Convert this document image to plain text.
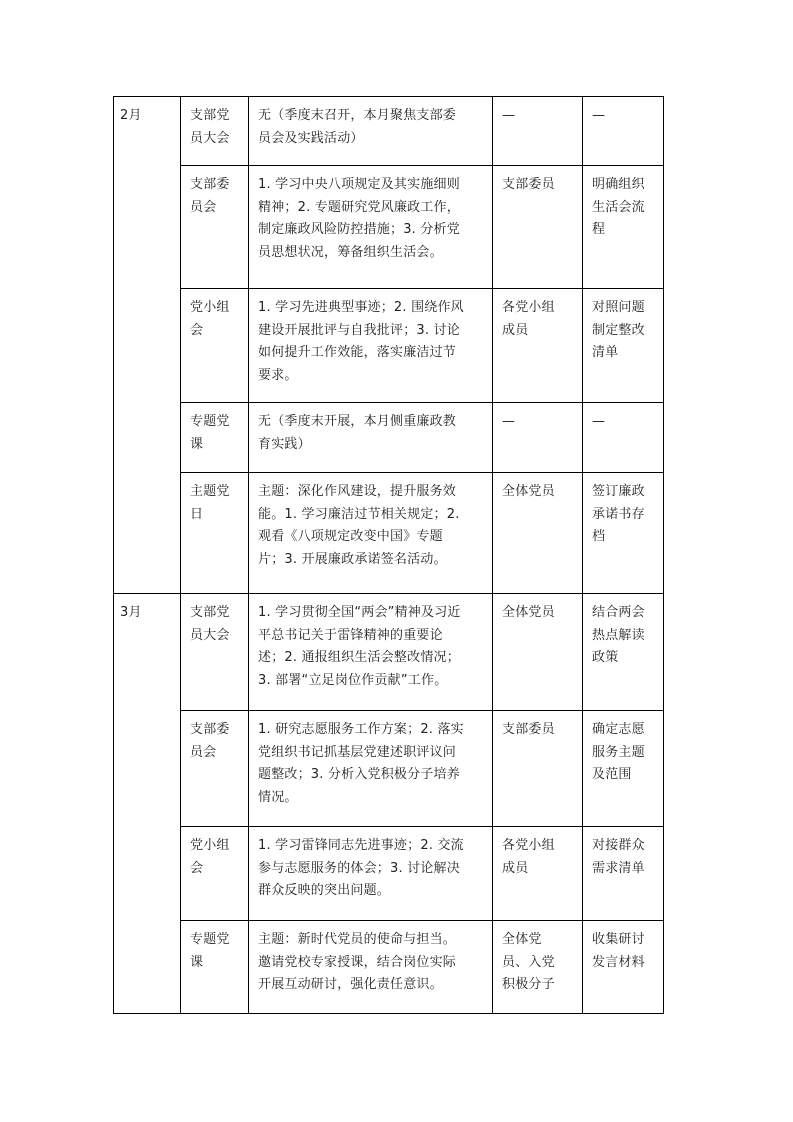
2月	支部党
员大会	无（季度末召开，本月聚焦支部委
员会及实践活动）	—	—
	支部委
员会	1. 学习中央八项规定及其实施细则
精神；2. 专题研究党风廉政工作，
制定廉政风险防控措施；3. 分析党
员思想状况，筹备组织生活会。	支部委员	明确组织
生活会流
程
	党小组
会	1. 学习先进典型事迹；2. 围绕作风
建设开展批评与自我批评；3. 讨论
如何提升工作效能，落实廉洁过节
要求。	各党小组
成员	对照问题
制定整改
清单
	专题党
课	无（季度末开展，本月侧重廉政教
育实践）	—	—
	主题党
日	主题：深化作风建设，提升服务效
能。1. 学习廉洁过节相关规定；2.
观看《八项规定改变中国》专题
片；3. 开展廉政承诺签名活动。	全体党员	签订廉政
承诺书存
档
3月	支部党
员大会	1. 学习贯彻全国“两会”精神及习近
平总书记关于雷锋精神的重要论
述；2. 通报组织生活会整改情况；
3. 部署“立足岗位作贡献”工作。	全体党员	结合两会
热点解读
政策
	支部委
员会	1. 研究志愿服务工作方案；2. 落实
党组织书记抓基层党建述职评议问
题整改；3. 分析入党积极分子培养
情况。	支部委员	确定志愿
服务主题
及范围
	党小组
会	1. 学习雷锋同志先进事迹；2. 交流
参与志愿服务的体会；3. 讨论解决
群众反映的突出问题。	各党小组
成员	对接群众
需求清单
	专题党
课	主题：新时代党员的使命与担当。
邀请党校专家授课，结合岗位实际
开展互动研讨，强化责任意识。	全体党
员、入党
积极分子	收集研讨
发言材料
